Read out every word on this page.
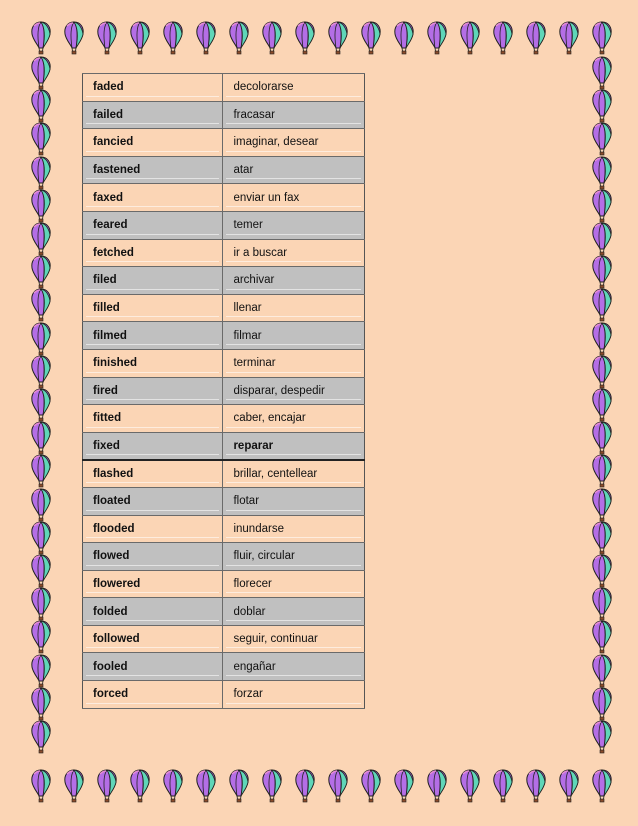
faded	decolorarse
failed	fracasar
fancied	imaginar, desear
fastened	atar
faxed	enviar un fax
feared	temer
fetched	ir a buscar
filed	archivar
filled	llenar
filmed	filmar
finished	terminar
fired	disparar, despedir
fitted	caber, encajar
fixed	reparar
flashed	brillar, centellear
floated	flotar
flooded	inundarse
flowed	fluir, circular
flowered	florecer
folded	doblar
followed	seguir, continuar
fooled	engañar
forced	forzar
